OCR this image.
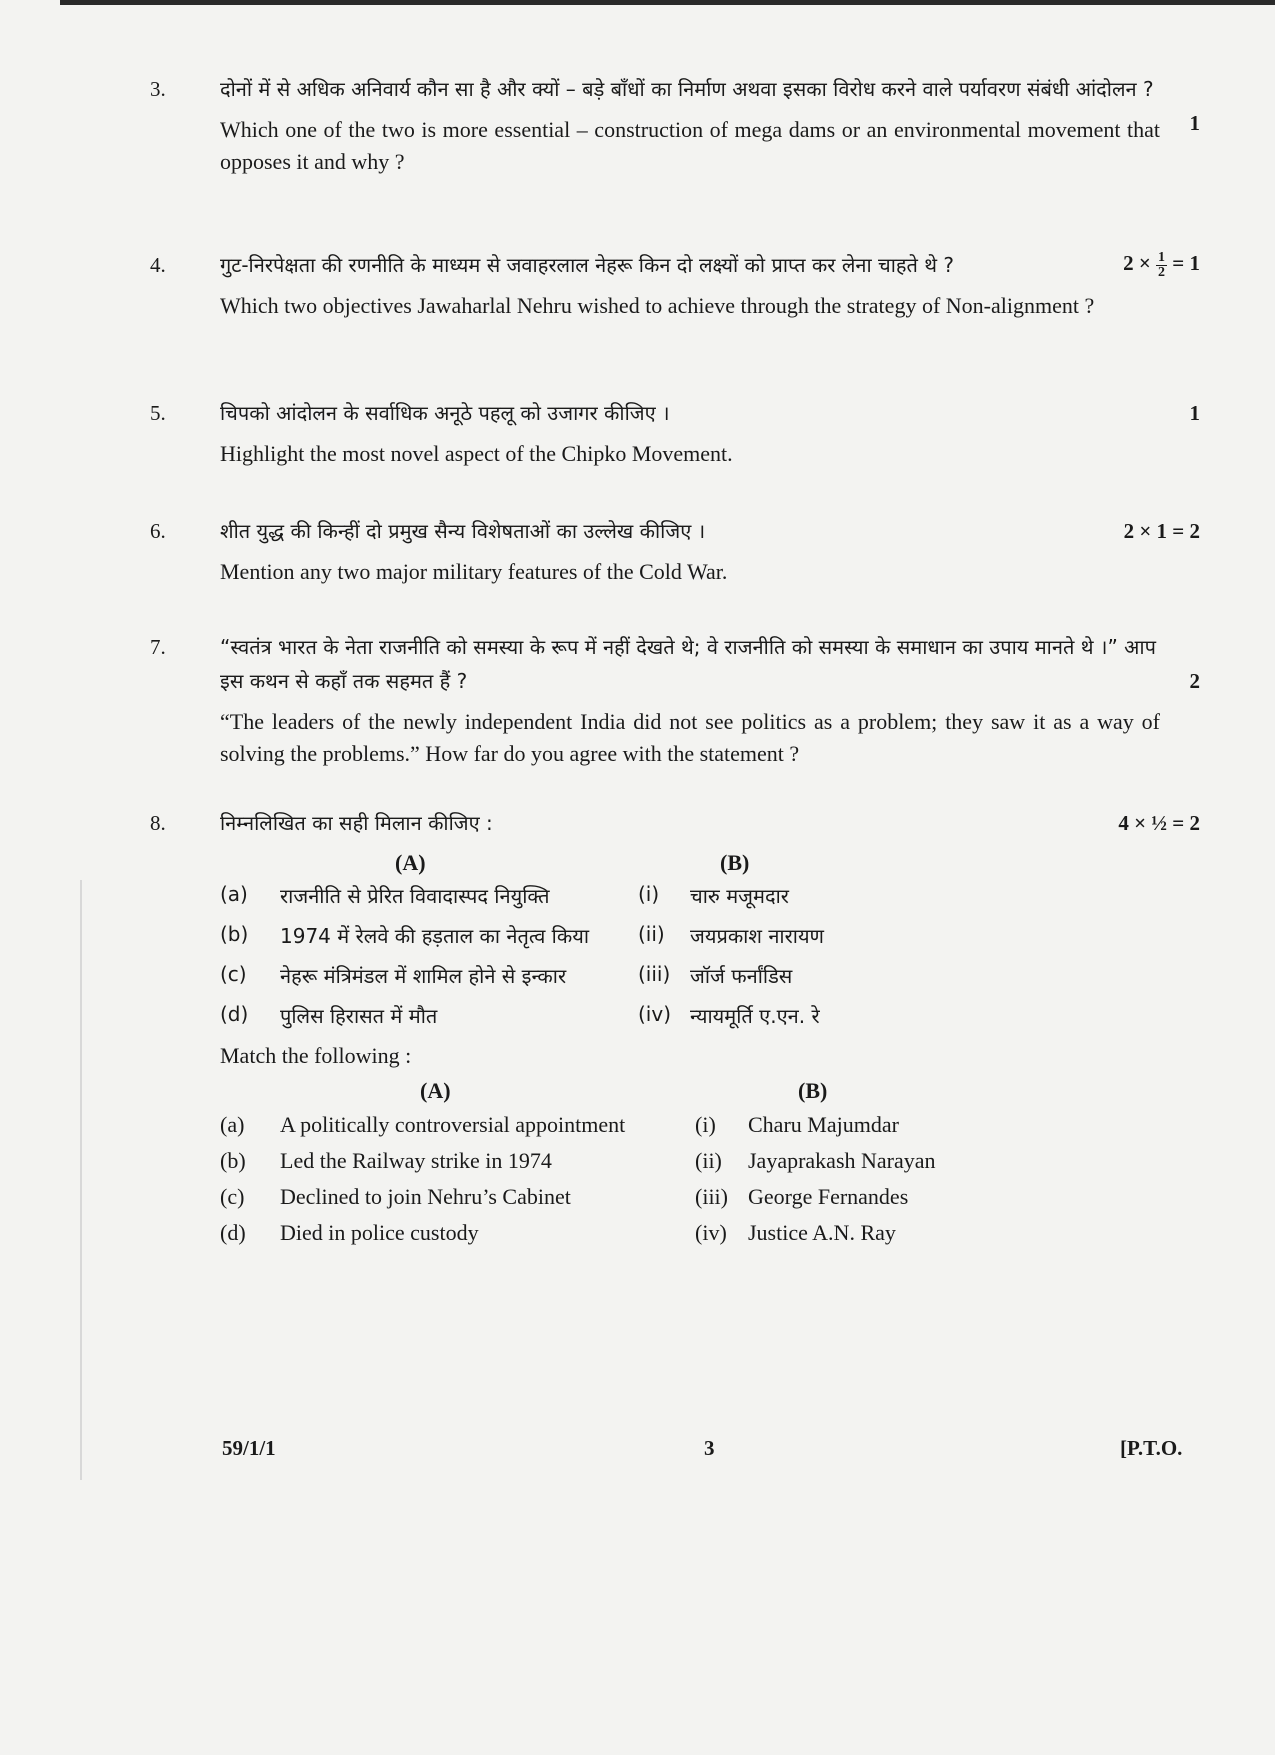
3.	दोनों में से अधिक अनिवार्य कौन सा है और क्यों – बड़े बाँधों का निर्माण अथवा इसका विरोध करने वाले पर्यावरण संबंधी आंदोलन ?
Which one of the two is more essential – construction of mega dams or an environmental movement that opposes it and why ?
1
4.	गुट-निरपेक्षता की रणनीति के माध्यम से जवाहरलाल नेहरू किन दो लक्ष्यों को प्राप्त कर लेना चाहते थे ?
Which two objectives Jawaharlal Nehru wished to achieve through the strategy of Non-alignment ?
$2 \times \frac{1}{2} = 1$
5.	चिपको आंदोलन के सर्वाधिक अनूठे पहलू को उजागर कीजिए ।
Highlight the most novel aspect of the Chipko Movement.
1
6.	शीत युद्ध की किन्हीं दो प्रमुख सैन्य विशेषताओं का उल्लेख कीजिए ।
Mention any two major military features of the Cold War.
2 × 1 = 2
7.	“स्वतंत्र भारत के नेता राजनीति को समस्या के रूप में नहीं देखते थे; वे राजनीति को समस्या के समाधान का उपाय मानते थे ।” आप इस कथन से कहाँ तक सहमत हैं ?
“The leaders of the newly independent India did not see politics as a problem; they saw it as a way of solving the problems.” How far do you agree with the statement ?
2
8.	निम्नलिखित का सही मिलान कीजिए :	4 × ½ = 2
(A)	(B)
(a)	राजनीति से प्रेरित विवादास्पद नियुक्ति	(i) चारु मजूमदार
(b)	1974 में रेलवे की हड़ताल का नेतृत्व किया (ii) जयप्रकाश नारायण
(c)	नेहरू मंत्रिमंडल में शामिल होने से इन्कार	(iii) जॉर्ज फर्नांडिस
(d)	पुलिस हिरासत में मौत	(iv) न्यायमूर्ति ए.एन. रे
Match the following :
(A)	(B)
(a)	A politically controversial appointment	(i) Charu Majumdar
(b)	Led the Railway strike in 1974	(ii) Jayaprakash Narayan
(c)	Declined to join Nehru’s Cabinet	(iii) George Fernandes
(d)	Died in police custody	(iv) Justice A.N. Ray
59/1/1	3	[P.T.O.
